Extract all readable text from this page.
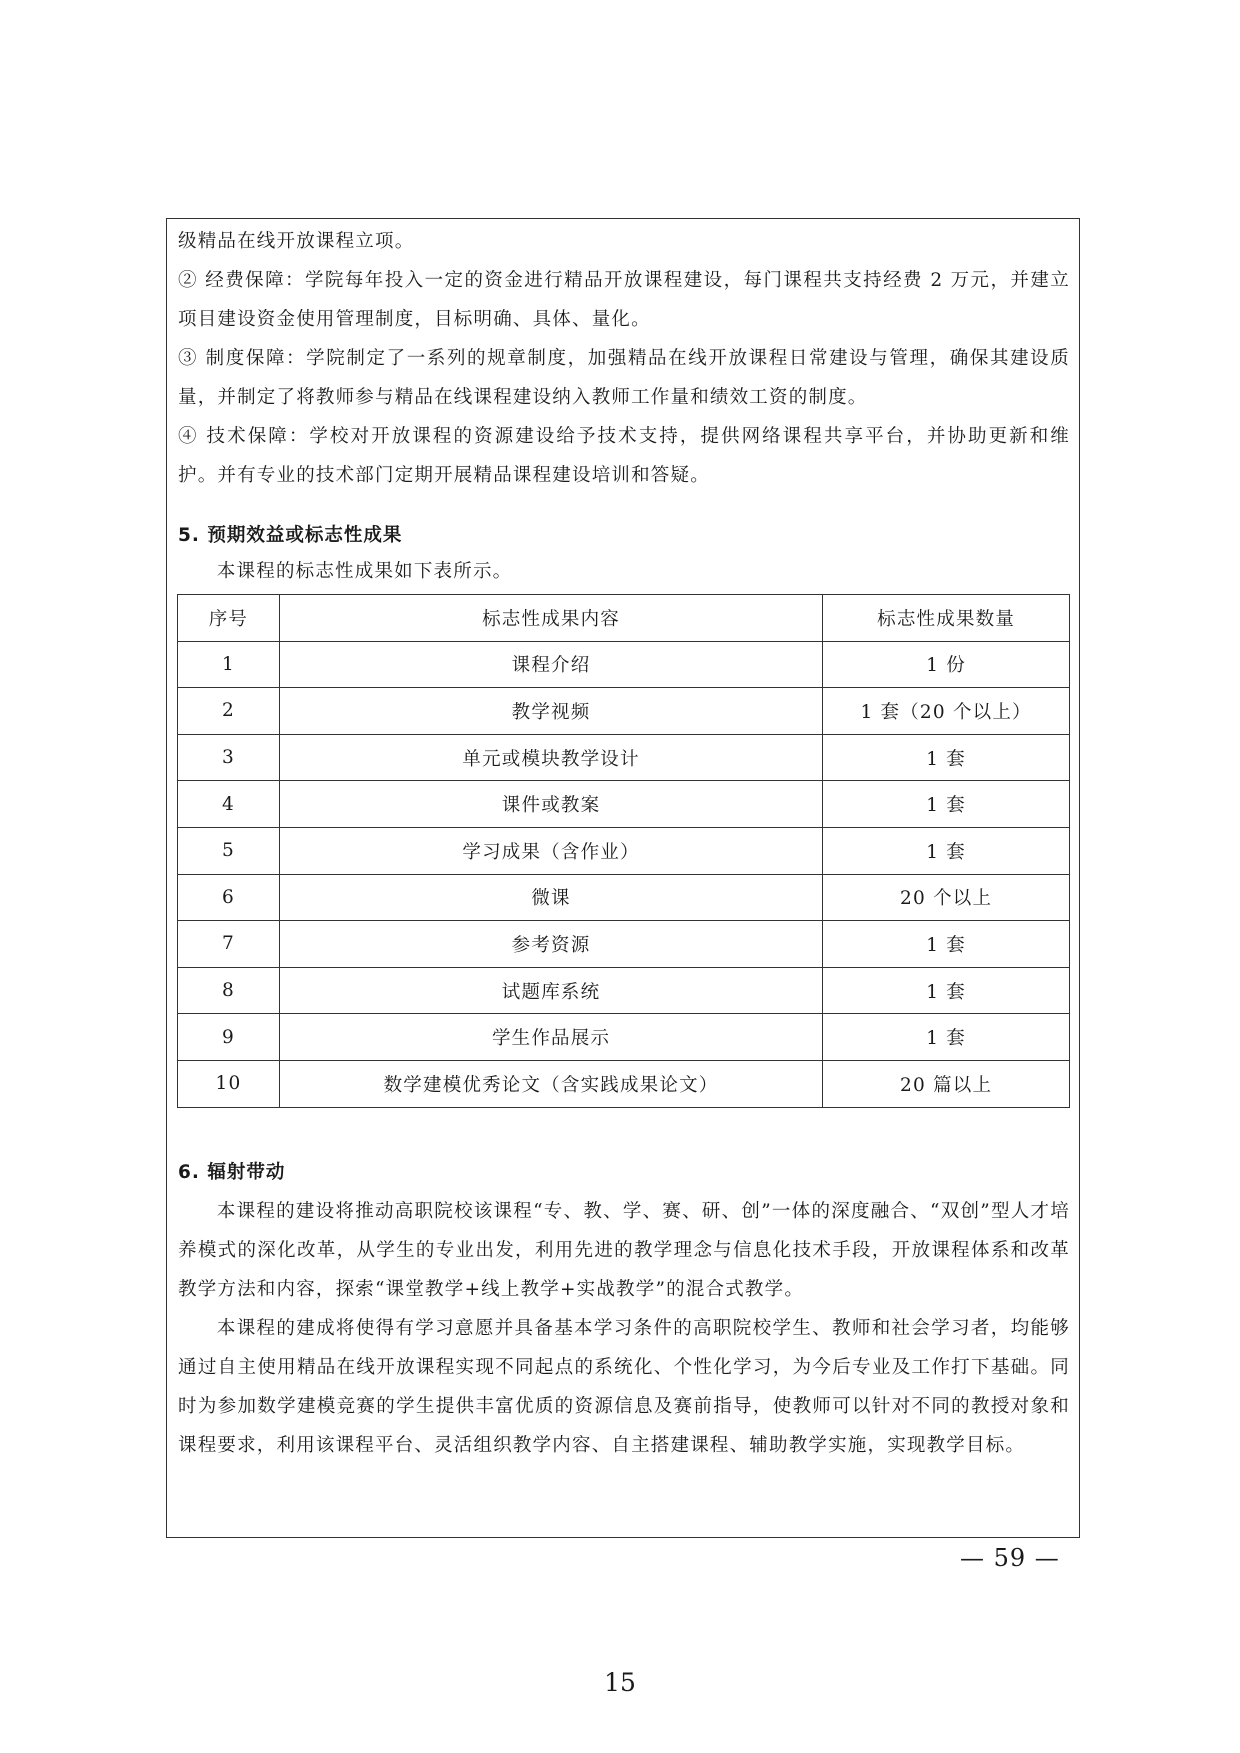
级精品在线开放课程立项。

② 经费保障：学院每年投入一定的资金进行精品开放课程建设，每门课程共支持经费 2 万元，并建立项目建设资金使用管理制度，目标明确、具体、量化。

③ 制度保障：学院制定了一系列的规章制度，加强精品在线开放课程日常建设与管理，确保其建设质量，并制定了将教师参与精品在线课程建设纳入教师工作量和绩效工资的制度。

④ 技术保障：学校对开放课程的资源建设给予技术支持，提供网络课程共享平台，并协助更新和维护。并有专业的技术部门定期开展精品课程建设培训和答疑。

5. 预期效益或标志性成果

本课程的标志性成果如下表所示。

序号	标志性成果内容	标志性成果数量
1	课程介绍	1 份
2	教学视频	1 套（20 个以上）
3	单元或模块教学设计	1 套
4	课件或教案	1 套
5	学习成果（含作业）	1 套
6	微课	20 个以上
7	参考资源	1 套
8	试题库系统	1 套
9	学生作品展示	1 套
10	数学建模优秀论文（含实践成果论文）	20 篇以上

6. 辐射带动

本课程的建设将推动高职院校该课程“专、教、学、赛、研、创”一体的深度融合、“双创”型人才培养模式的深化改革，从学生的专业出发，利用先进的教学理念与信息化技术手段，开放课程体系和改革教学方法和内容，探索“课堂教学+线上教学+实战教学”的混合式教学。

本课程的建成将使得有学习意愿并具备基本学习条件的高职院校学生、教师和社会学习者，均能够通过自主使用精品在线开放课程实现不同起点的系统化、个性化学习，为今后专业及工作打下基础。同时为参加数学建模竞赛的学生提供丰富优质的资源信息及赛前指导，使教师可以针对不同的教授对象和课程要求，利用该课程平台、灵活组织教学内容、自主搭建课程、辅助教学实施，实现教学目标。

— 59 —
15
